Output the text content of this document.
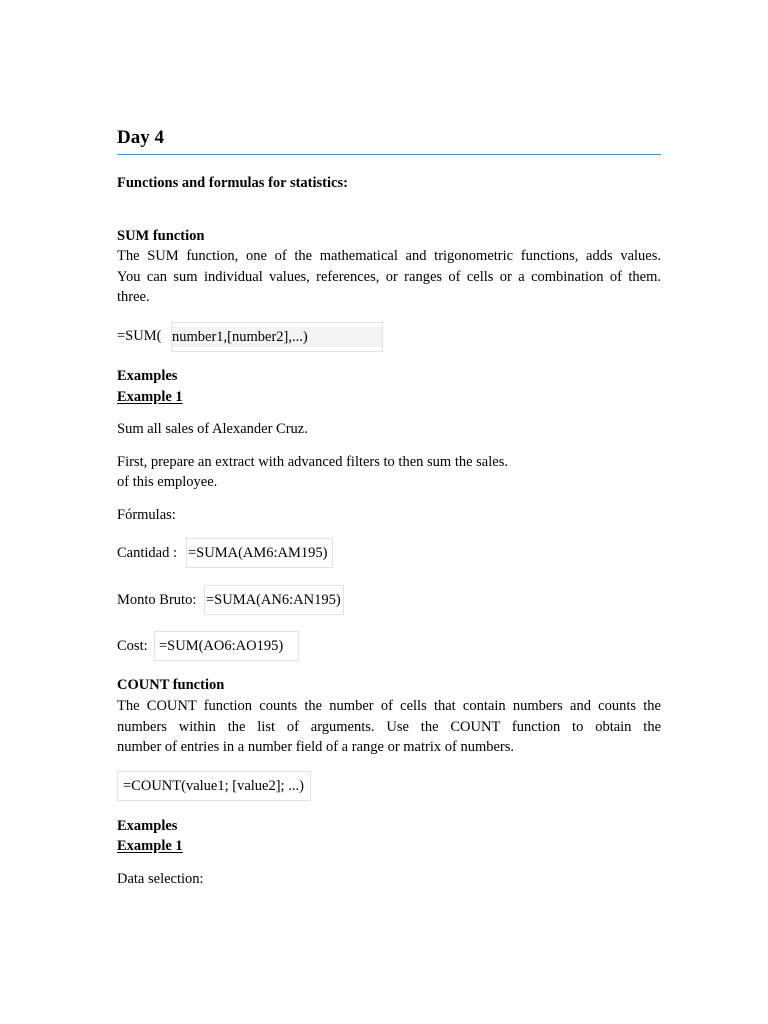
Day 4
Functions and formulas for statistics:
SUM function
The SUM function, one of the mathematical and trigonometric functions, adds values.
You can sum individual values, references, or ranges of cells or a combination of them.
three.
=SUM( number1,[number2],...)
Examples
Example 1
Sum all sales of Alexander Cruz.
First, prepare an extract with advanced filters to then sum the sales.
of this employee.
Fórmulas:
Cantidad : =SUMA(AM6:AM195)
Monto Bruto: =SUMA(AN6:AN195)
Cost: =SUM(AO6:AO195)
COUNT function
The COUNT function counts the number of cells that contain numbers and counts the
numbers within the list of arguments. Use the COUNT function to obtain the
number of entries in a number field of a range or matrix of numbers.
=COUNT(value1; [value2]; ...)
Examples
Example 1
Data selection:
